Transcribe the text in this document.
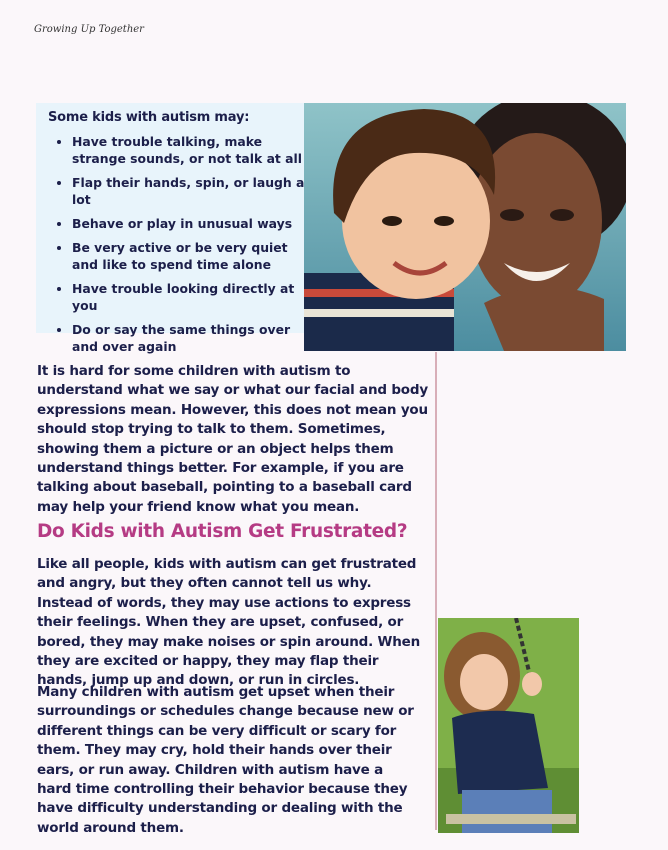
Growing Up Together
Some kids with autism may:
• Have trouble talking, make strange sounds, or not talk at all
• Flap their hands, spin, or laugh a lot
• Behave or play in unusual ways
• Be very active or be very quiet and like to spend time alone
• Have trouble looking directly at you
• Do or say the same things over and over again

It is hard for some children with autism to understand what we say or what our facial and body expressions mean. However, this does not mean you should stop trying to talk to them. Sometimes, showing them a picture or an object helps them understand things better. For example, if you are talking about baseball, pointing to a baseball card may help your friend know what you mean.

Do Kids with Autism Get Frustrated?

Like all people, kids with autism can get frustrated and angry, but they often cannot tell us why. Instead of words, they may use actions to express their feelings. When they are upset, confused, or bored, they may make noises or spin around. When they are excited or happy, they may flap their hands, jump up and down, or run in circles.

Many children with autism get upset when their surroundings or schedules change because new or different things can be very difficult or scary for them. They may cry, hold their hands over their ears, or run away. Children with autism have a hard time controlling their behavior because they have difficulty understanding or dealing with the world around them.
